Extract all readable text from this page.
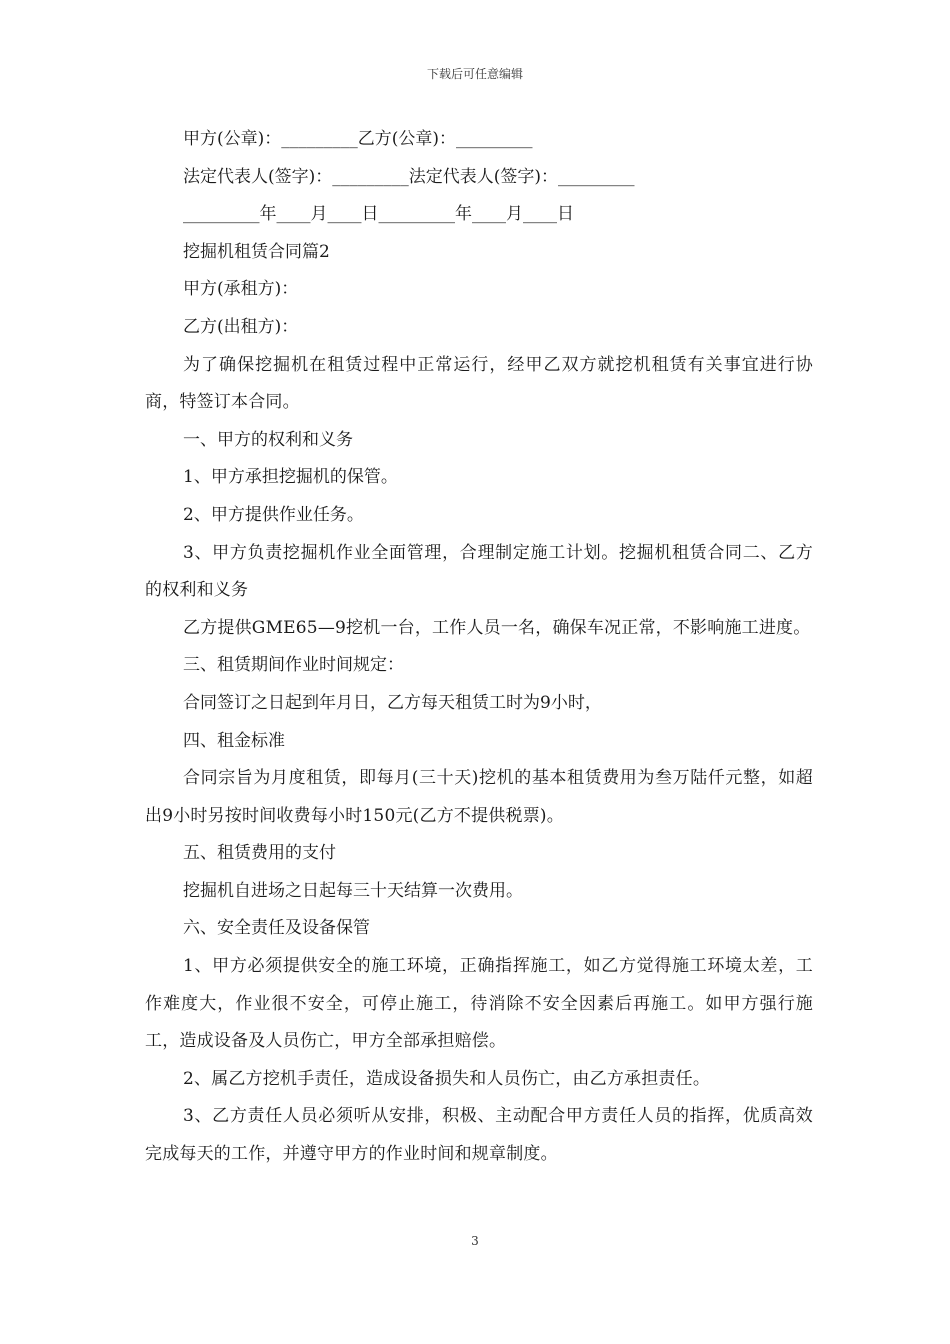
下载后可任意编辑

甲方(公章)：_________乙方(公章)：_________

法定代表人(签字)：_________法定代表人(签字)：_________

_________年____月____日_________年____月____日

挖掘机租赁合同篇2

甲方(承租方)：

乙方(出租方)：

为了确保挖掘机在租赁过程中正常运行，经甲乙双方就挖机租赁有关事宜进行协商，特签订本合同。

一、甲方的权利和义务

1、甲方承担挖掘机的保管。

2、甲方提供作业任务。

3、甲方负责挖掘机作业全面管理，合理制定施工计划。挖掘机租赁合同二、乙方的权利和义务

乙方提供GME65—9挖机一台，工作人员一名，确保车况正常，不影响施工进度。

三、租赁期间作业时间规定：

合同签订之日起到年月日，乙方每天租赁工时为9小时，

四、租金标准

合同宗旨为月度租赁，即每月(三十天)挖机的基本租赁费用为叁万陆仟元整，如超出9小时另按时间收费每小时150元(乙方不提供税票)。

五、租赁费用的支付

挖掘机自进场之日起每三十天结算一次费用。

六、安全责任及设备保管

1、甲方必须提供安全的施工环境，正确指挥施工，如乙方觉得施工环境太差，工作难度大，作业很不安全，可停止施工，待消除不安全因素后再施工。如甲方强行施工，造成设备及人员伤亡，甲方全部承担赔偿。

2、属乙方挖机手责任，造成设备损失和人员伤亡，由乙方承担责任。

3、乙方责任人员必须听从安排，积极、主动配合甲方责任人员的指挥，优质高效完成每天的工作，并遵守甲方的作业时间和规章制度。

3
